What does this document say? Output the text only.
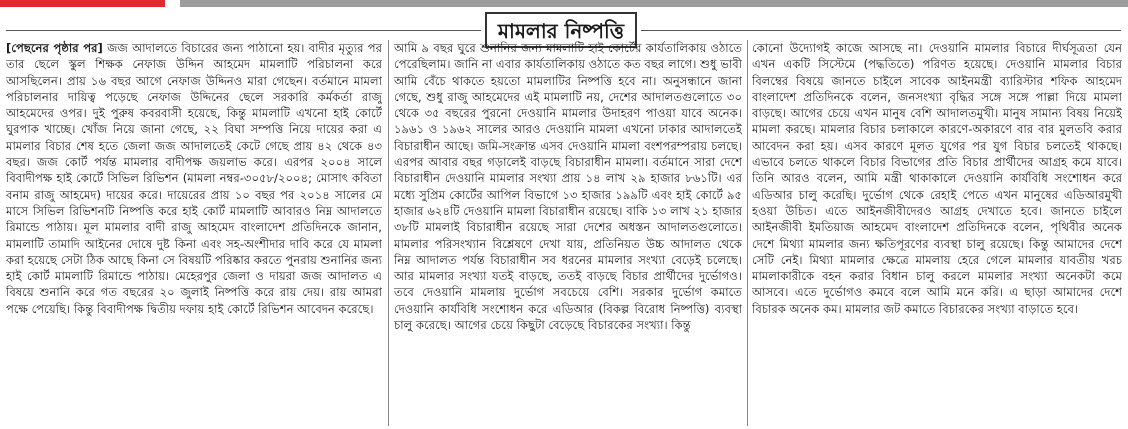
মামলার নিষ্পত্তি

[পেছনের পৃষ্ঠার পর] জজ আদালতে বিচারের জন্য পাঠানো হয়। বাদীর মৃত্যুর পর তার ছেলে স্কুল শিক্ষক নেফাজ উদ্দিন আহমেদ মামলাটি পরিচালনা করে আসছিলেন। প্রায় ১৬ বছর আগে নেফাজ উদ্দিনও মারা গেছেন। বর্তমানে মামলা পরিচালনার দায়িত্ব পড়েছে নেফাজ উদ্দিনের ছেলে সরকারি কর্মকর্তা রাজু আহমেদের ওপর। দুই পুরুষ কবরবাসী হয়েছে, কিন্তু মামলাটি এখনো হাই কোর্টে ঘুরপাক খাচ্ছে। খোঁজ নিয়ে জানা গেছে, ২২ বিঘা সম্পত্তি নিয়ে দায়ের করা এ মামলার বিচার শেষ হতে জেলা জজ আদালতেই কেটে গেছে প্রায় ৪২ থেকে ৪৩ বছর। জজ কোর্ট পর্যন্ত মামলার বাদীপক্ষ জয়লাভ করে। এরপর ২০০৪ সালে বিবাদীপক্ষ হাই কোর্টে সিভিল রিভিশন (মামলা নম্বর-৩০৫৮/২০০৪; মোসাৎ কবিতা বনাম রাজু আহমেদ) দায়ের করে। দায়েরের প্রায় ১০ বছর পর ২০১৪ সালের মে মাসে সিভিল রিভিশনটি নিষ্পত্তি করে হাই কোর্ট মামলাটি আবারও নিম্ন আদালতে রিমান্ডে পাঠায়। মূল মামলার বাদী রাজু আহমেদ বাংলাদেশ প্রতিদিনকে জানান, মামলাটি তামাদি আইনের দোষে দুষ্ট কিনা এবং সহ-অংশীদার দাবি করে যে মামলা করা হয়েছে সেটা ঠিক আছে কিনা সে বিষয়টি পরিষ্কার করতে পুনরায় শুনানির জন্য হাই কোর্ট মামলাটি রিমান্ডে পাঠায়। মেহেরপুর জেলা ও দায়রা জজ আদালত এ বিষয়ে শুনানি করে গত বছরের ২০ জুলাই নিষ্পত্তি করে রায় দেয়। রায় আমরা পক্ষে পেয়েছি। কিন্তু বিবাদীপক্ষ দ্বিতীয় দফায় হাই কোর্টে রিভিশন আবেদন করেছে।

আমি ৯ বছর ঘুরে শুনানির জন্য মামলাটি হাই কোর্টের কার্যতালিকায় ওঠাতে পেরেছিলাম। জানি না এবার কার্যতালিকায় ওঠাতে কত বছর লাগে। শুধু ভাবী আমি বেঁচে থাকতে হয়তো মামলাটির নিষ্পত্তি হবে না। অনুসন্ধানে জানা গেছে, শুধু রাজু আহমেদের এই মামলাটি নয়, দেশের আদালতগুলোতে ৩০ থেকে ৩৫ বছরের পুরনো দেওয়ানি মামলার উদাহরণ পাওয়া যাবে অনেক। ১৯৬১ ও ১৯৬২ সালের আরও দেওয়ানি মামলা এখনো ঢাকার আদালতেই বিচারাধীন আছে। জমি-সংক্রান্ত এসব দেওয়ানি মামলা বংশপরম্পরায় চলছে। এরপর আবার বছর গড়ালেই বাড়ছে বিচারাধীন মামলা। বর্তমানে সারা দেশে বিচারাধীন দেওয়ানি মামলার সংখ্যা প্রায় ১৪ লাখ ২৯ হাজার ৮৬১টি। এর মধ্যে সুপ্রিম কোর্টের আপিল বিভাগে ১৩ হাজার ১৯৯টি এবং হাই কোর্টে ৯৫ হাজার ৬২৪টি দেওয়ানি মামলা বিচারাধীন রয়েছে। বাকি ১৩ লাখ ২১ হাজার ৩৮টি মামলাই বিচারাধীন রয়েছে সারা দেশের অধস্তন আদালতগুলোতে। মামলার পরিসংখ্যান বিশ্লেষণে দেখা যায়, প্রতিনিয়ত উচ্চ আদালত থেকে নিম্ন আদালত পর্যন্ত বিচারাধীন সব ধরনের মামলার সংখ্যা বেড়েই চলেছে। আর মামলার সংখ্যা যতই বাড়ছে, ততই বাড়ছে বিচার প্রার্থীদের দুর্ভোগও। তবে দেওয়ানি মামলায় দুর্ভোগ সবচেয়ে বেশি। সরকার দুর্ভোগ কমাতে দেওয়ানি কার্যবিধি সংশোধন করে এডিআর (বিকল্প বিরোধ নিষ্পত্তি) ব্যবস্থা চালু করেছে। আগের চেয়ে কিছুটা বেড়েছে বিচারকের সংখ্যা। কিন্তু

কোনো উদ্যোগই কাজে আসছে না। দেওয়ানি মামলার বিচারে দীর্ঘসূত্রতা যেন এখন একটি সিস্টেমে (পদ্ধতিতে) পরিণত হয়েছে। দেওয়ানি মামলার বিচার বিলম্বের বিষয়ে জানতে চাইলে সাবেক আইনমন্ত্রী ব্যারিস্টার শফিক আহমেদ বাংলাদেশ প্রতিদিনকে বলেন, জনসংখ্যা বৃদ্ধির সঙ্গে সঙ্গে পাল্লা দিয়ে মামলা বাড়ছে। আগের চেয়ে এখন মানুষ বেশি আদালতমুখী। মানুষ সামান্য বিষয় নিয়েই মামলা করছে। মামলার বিচার চলাকালে কারণে-অকারণে বার বার মুলতবি করার আবেদন করা হয়। এসব কারণে মূলত যুগের পর যুগ বিচার চলতেই থাকছে। এভাবে চলতে থাকলে বিচার বিভাগের প্রতি বিচার প্রার্থীদের আগ্রহ কমে যাবে। তিনি আরও বলেন, আমি মন্ত্রী থাকাকালে দেওয়ানি কার্যবিধি সংশোধন করে এডিআর চালু করেছি। দুর্ভোগ থেকে রেহাই পেতে এখন মানুষের এডিআরমুখী হওয়া উচিত। এতে আইনজীবীদেরও আগ্রহ দেখাতে হবে। জানতে চাইলে আইনজীবী ইমতিয়াজ আহমেদ বাংলাদেশ প্রতিদিনকে বলেন, পৃথিবীর অনেক দেশে মিথ্যা মামলার জন্য ক্ষতিপূরণের ব্যবস্থা চালু রয়েছে। কিন্তু আমাদের দেশে সেটি নেই। মিথ্যা মামলার ক্ষেত্রে মামলায় হেরে গেলে মামলার যাবতীয় খরচ মামলাকারীকে বহন করার বিধান চালু করলে মামলার সংখ্যা অনেকটা কমে আসবে। এতে দুর্ভোগও কমবে বলে আমি মনে করি। এ ছাড়া আমাদের দেশে বিচারক অনেক কম। মামলার জট কমাতে বিচারকের সংখ্যা বাড়াতে হবে।
